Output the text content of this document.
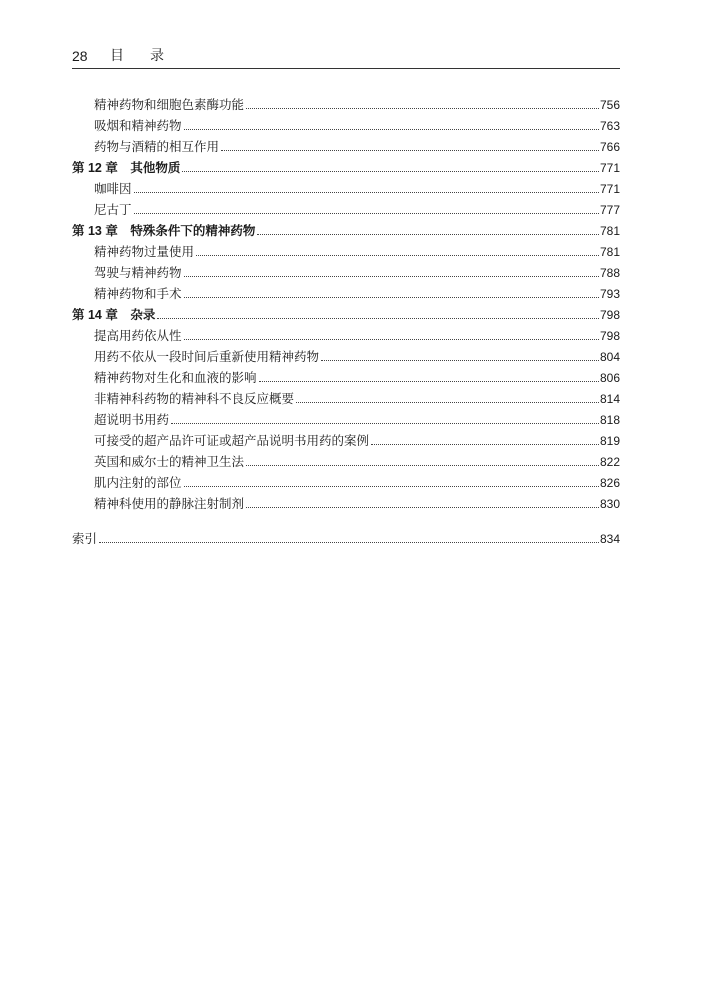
28 目 录
精神药物和细胞色素酶功能	756
吸烟和精神药物	763
药物与酒精的相互作用	766
第 12 章　其他物质	771
咖啡因	771
尼古丁	777
第 13 章　特殊条件下的精神药物	781
精神药物过量使用	781
驾驶与精神药物	788
精神药物和手术	793
第 14 章　杂录	798
提高用药依从性	798
用药不依从一段时间后重新使用精神药物	804
精神药物对生化和血液的影响	806
非精神科药物的精神科不良反应概要	814
超说明书用药	818
可接受的超产品许可证或超产品说明书用药的案例	819
英国和威尔士的精神卫生法	822
肌内注射的部位	826
精神科使用的静脉注射制剂	830
索引	834
